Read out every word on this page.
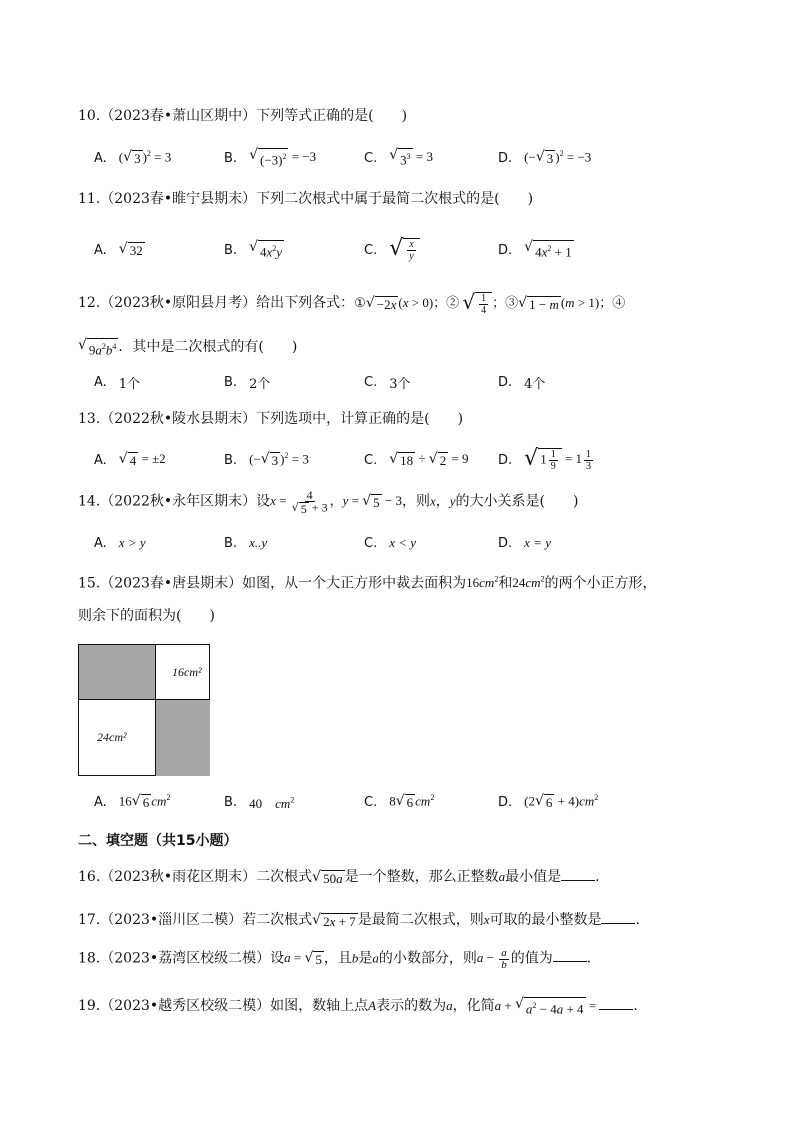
10.（2023春•萧山区期中）下列等式正确的是(　　)
A. ( √ 3 )$^2$ = 3	B. √ $(-3)^2 = -3$	C. √ $3^3 = 3$	D. (− √ 3 )$^2$ = −3
11.（2023春•睢宁县期末）下列二次根式中属于最简二次根式的是(　　)
A. √ 32	B. √ $4x^2y$	C. √ $\frac{x}{y}$	D. √ $4x^2 + 1$
12.（2023秋•原阳县月考）给出下列各式：① √ −2x (x > 0)；② √ $\frac{1}{4}$ ；③ √ 1 − m (m > 1)；④
√ $9a^2b^4$ ．其中是二次根式的有(　　)
A. 1个	B. 2个	C. 3个	D. 4个
13.（2022秋•陵水县期末）下列选项中，计算正确的是(　　)
A. √ 4 = ±2	B. (− √ 3 )$^2$ = 3	C. √ 18 ÷ √ 2 = 9 D. √ $1 \frac{1}{9} = 1 \frac{1}{3}$
14.（2022秋•永年区期末）设$x = \frac{4}{√ 5 + 3}$ ，y = √ 5 − 3，则x，y的大小关系是(　　)
A. x > y	B. x..y	C. x < y	D. x = y
15.（2023春•唐县期末）如图，从一个大正方形中裁去面积为$16cm^2$和$24cm^2$的两个小正方形，
则余下的面积为(　　)
16cm²
24cm²
A. 16 √ 6 $cm^2$	B. 40　$cm^2$	C. 8 √ 6 $cm^2$	D. (2 √ $6 + 4)cm^2$
二、填空题（共15小题）
16.（2023秋•雨花区期末）二次根式 √ 50a 是一个整数，那么正整数a最小值是 .
17.（2023•淄川区二模）若二次根式 √ 2x + 7 是最简二次根式，则x可取的最小整数是 .
18.（2023•荔湾区校级二模）设a = √ 5 ，且b是a的小数部分，则$a - \frac{a}{b}$ 的值为 .
19.（2023•越秀区校级二模）如图，数轴上点A表示的数为a，化简a + √ $a^2 - 4a + 4$ = .
